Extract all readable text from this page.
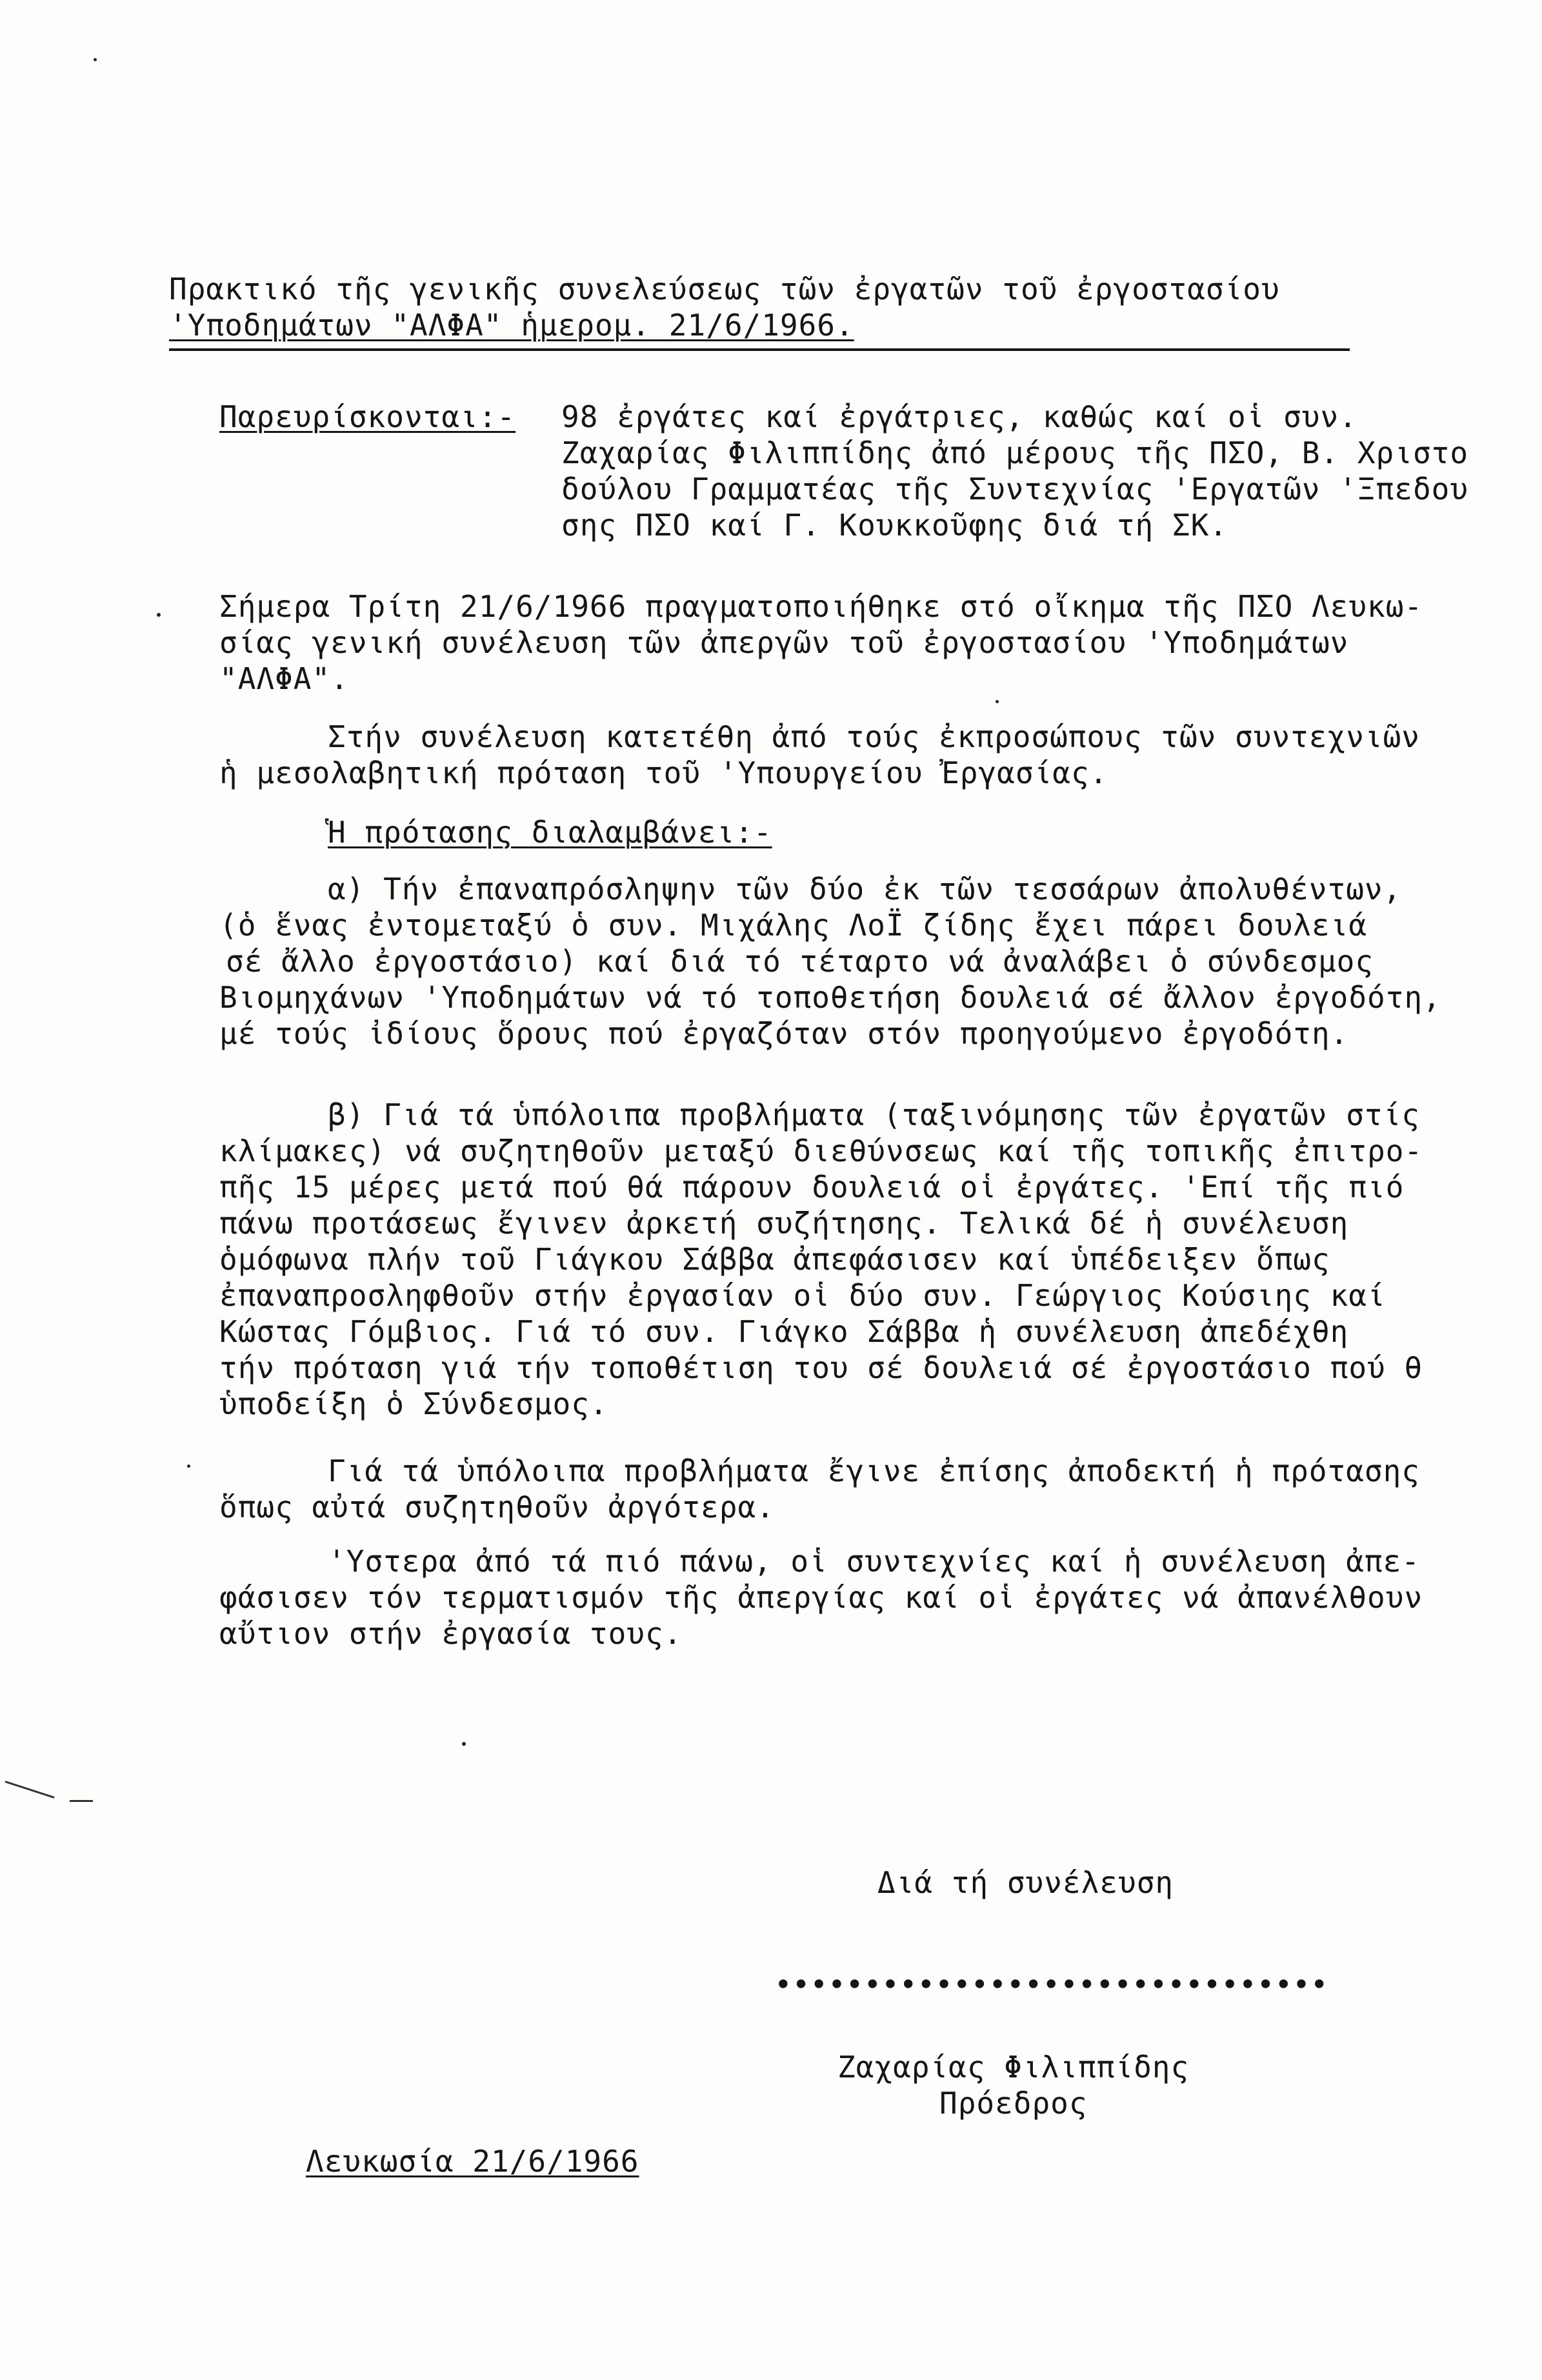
Πρακτικό τῆς γενικῆς συνελεύσεως τῶν ἐργατῶν τοῦ ἐργοστασίου
'Υποδημάτων "ΑΛΦΑ" ἡμερομ. 21/6/1966.
Παρευρίσκονται:- 98 ἐργάτες καί ἐργάτριες, καθώς καί οἱ συν.
Ζαχαρίας Φιλιππίδης ἀπό μέρους τῆς ΠΣΟ, Β. Χριστο
δούλου Γραμματέας τῆς Συντεχνίας 'Εργατῶν 'Ξπεδου
σης ΠΣΟ καί Γ. Κουκκοῦφης διά τή ΣΚ.
Σήμερα Τρίτη 21/6/1966 πραγματοποιήθηκε στό οἴκημα τῆς ΠΣΟ Λευκω-
σίας γενική συνέλευση τῶν ἀπεργῶν τοῦ ἐργοστασίου 'Υποδημάτων
"ΑΛΦΑ".
Στήν συνέλευση κατετέθη ἀπό τούς ἐκπροσώπους τῶν συντεχνιῶν
ἡ μεσολαβητική πρόταση τοῦ 'Υπουργείου Ἐργασίας.
Ἡ πρότασης διαλαμβάνει:-
α) Τήν ἐπαναπρόσληψην τῶν δύο ἐκ τῶν τεσσάρων ἀπολυθέντων,
(ὁ ἕνας ἐντομεταξύ ὁ συν. Μιχάλης ΛοΪ ζίδης ἔχει πάρει δουλειά
σέ ἄλλο ἐργοστάσιο) καί διά τό τέταρτο νά ἀναλάβει ὁ σύνδεσμος
Βιομηχάνων 'Υποδημάτων νά τό τοποθετήση δουλειά σέ ἄλλον ἐργοδότη,
μέ τούς ἰδίους ὅρους πού ἐργαζόταν στόν προηγούμενο ἐργοδότη.
β) Γιά τά ὑπόλοιπα προβλήματα (ταξινόμησης τῶν ἐργατῶν στίς
κλίμακες) νά συζητηθοῦν μεταξύ διεθύνσεως καί τῆς τοπικῆς ἐπιτρο-
πῆς 15 μέρες μετά πού θά πάρουν δουλειά οἱ ἐργάτες. 'Επί τῆς πιό
πάνω προτάσεως ἔγινεν ἀρκετή συζήτησης. Τελικά δέ ἡ συνέλευση
ὁμόφωνα πλήν τοῦ Γιάγκου Σάββα ἀπεφάσισεν καί ὑπέδειξεν ὅπως
ἐπαναπροσληφθοῦν στήν ἐργασίαν οἱ δύο συν. Γεώργιος Κούσιης καί
Κώστας Γόμβιος. Γιά τό συν. Γιάγκο Σάββα ἡ συνέλευση ἀπεδέχθη
τήν πρόταση γιά τήν τοποθέτιση του σέ δουλειά σέ ἐργοστάσιο πού θ
ὑποδείξη ὁ Σύνδεσμος.
Γιά τά ὑπόλοιπα προβλήματα ἔγινε ἐπίσης ἀποδεκτή ἡ πρότασης
ὅπως αὐτά συζητηθοῦν ἀργότερα.
'Υστερα ἀπό τά πιό πάνω, οἱ συντεχνίες καί ἡ συνέλευση ἀπε-
φάσισεν τόν τερματισμόν τῆς ἀπεργίας καί οἱ ἐργάτες νά ἀπανέλθουν
αὔτιον στήν ἐργασία τους.
Διά τή συνέλευση
•••••••••••••••••••••••••••••••
Ζαχαρίας Φιλιππίδης
Πρόεδρος
Λευκωσία 21/6/1966
